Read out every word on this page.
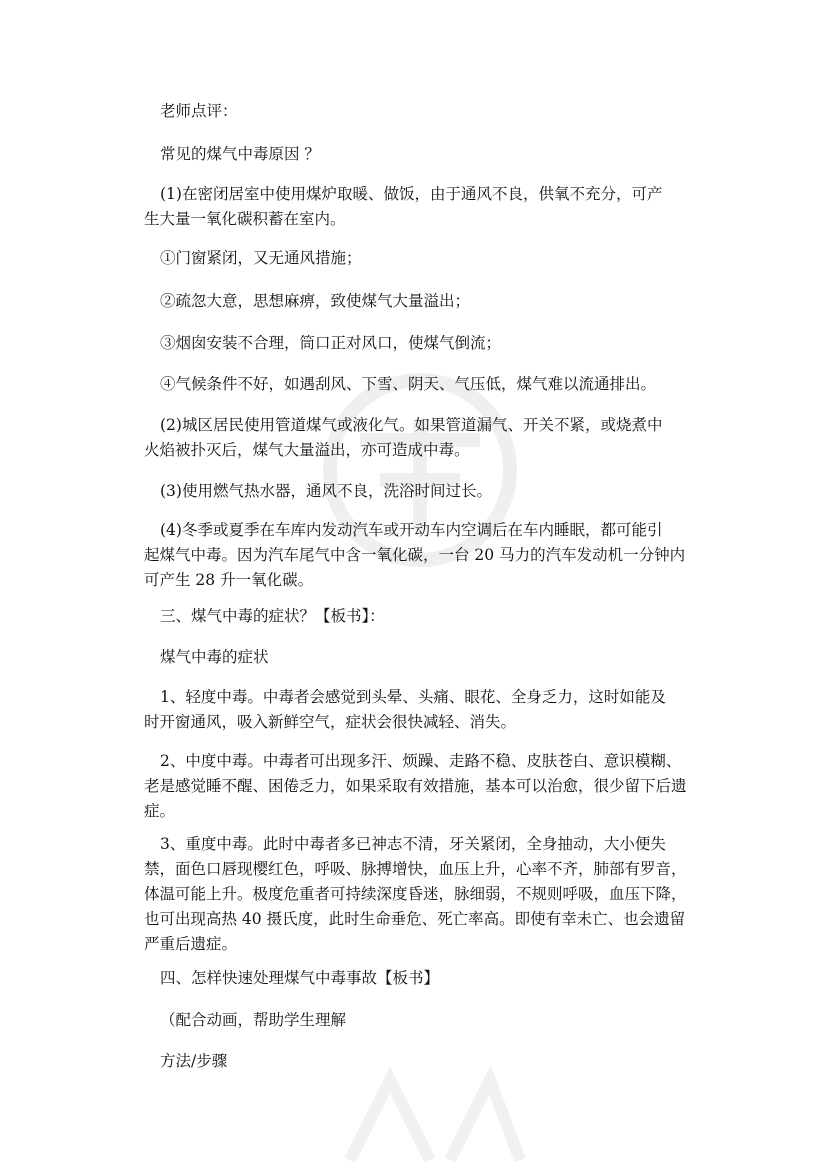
老师点评：
常见的煤气中毒原因 ？
(1)在密闭居室中使用煤炉取暖、做饭，由于通风不良，供氧不充分，可产
生大量一氧化碳积蓄在室内。
①门窗紧闭，又无通风措施；
②疏忽大意，思想麻痹，致使煤气大量溢出；
③烟囱安装不合理，筒口正对风口，使煤气倒流；
④气候条件不好，如遇刮风、下雪、阴天、气压低，煤气难以流通排出。
(2)城区居民使用管道煤气或液化气。如果管道漏气、开关不紧，或烧煮中
火焰被扑灭后，煤气大量溢出，亦可造成中毒。
(3)使用燃气热水器，通风不良，洗浴时间过长。
(4)冬季或夏季在车库内发动汽车或开动车内空调后在车内睡眠，都可能引
起煤气中毒。因为汽车尾气中含一氧化碳，一台 20 马力的汽车发动机一分钟内
可产生 28 升一氧化碳。
三、煤气中毒的症状？【板书】：
煤气中毒的症状
1、轻度中毒。中毒者会感觉到头晕、头痛、眼花、全身乏力，这时如能及
时开窗通风，吸入新鲜空气，症状会很快减轻、消失。
2、中度中毒。中毒者可出现多汗、烦躁、走路不稳、皮肤苍白、意识模糊、
老是感觉睡不醒、困倦乏力，如果采取有效措施，基本可以治愈，很少留下后遗
症。
3、重度中毒。此时中毒者多已神志不清，牙关紧闭，全身抽动，大小便失
禁，面色口唇现樱红色，呼吸、脉搏增快，血压上升，心率不齐，肺部有罗音，
体温可能上升。极度危重者可持续深度昏迷，脉细弱，不规则呼吸，血压下降，
也可出现高热 40 摄氏度，此时生命垂危、死亡率高。即使有幸未亡、也会遗留
严重后遗症。
四、怎样快速处理煤气中毒事故【板书】
（配合动画，帮助学生理解
方法/步骤
